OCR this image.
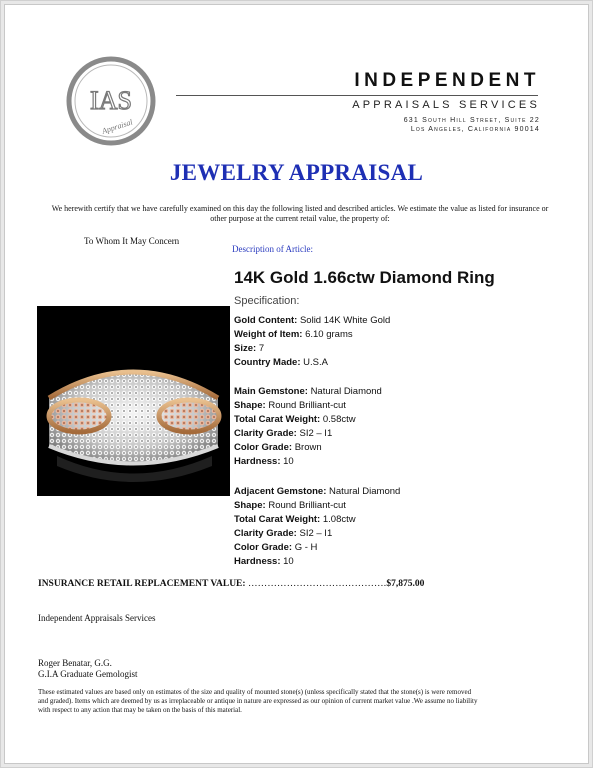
IAS
Appraisal
INDEPENDENT
APPRAISALS SERVICES
631 South Hill Street, Suite 22
Los Angeles, California 90014
JEWELRY APPRAISAL
We herewith certify that we have carefully examined on this day the following listed and described articles. We estimate the value as listed for insurance or other purpose at the current retail value, the property of:
To Whom It May Concern
Description of Article:
14K Gold 1.66ctw Diamond Ring
Specification:
Gold Content: Solid 14K White Gold
Weight of Item: 6.10 grams
Size: 7
Country Made: U.S.A
Main Gemstone: Natural Diamond
Shape: Round Brilliant-cut
Total Carat Weight: 0.58ctw
Clarity Grade: SI2 – I1
Color Grade: Brown
Hardness: 10
Adjacent Gemstone: Natural Diamond
Shape: Round Brilliant-cut
Total Carat Weight: 1.08ctw
Clarity Grade: SI2 – I1
Color Grade: G - H
Hardness: 10
INSURANCE RETAIL REPLACEMENT VALUE: …………………………………….$7,875.00
Independent Appraisals Services
Roger Benatar, G.G.
G.I.A Graduate Gemologist
These estimated values are based only on estimates of the size and quality of mounted stone(s) (unless specifically stated that the stone(s) is were removed and graded). Items which are deemed by us as irreplaceable or antique in nature are expressed as our opinion of current market value .We assume no liability with respect to any action that may be taken on the basis of this material.
